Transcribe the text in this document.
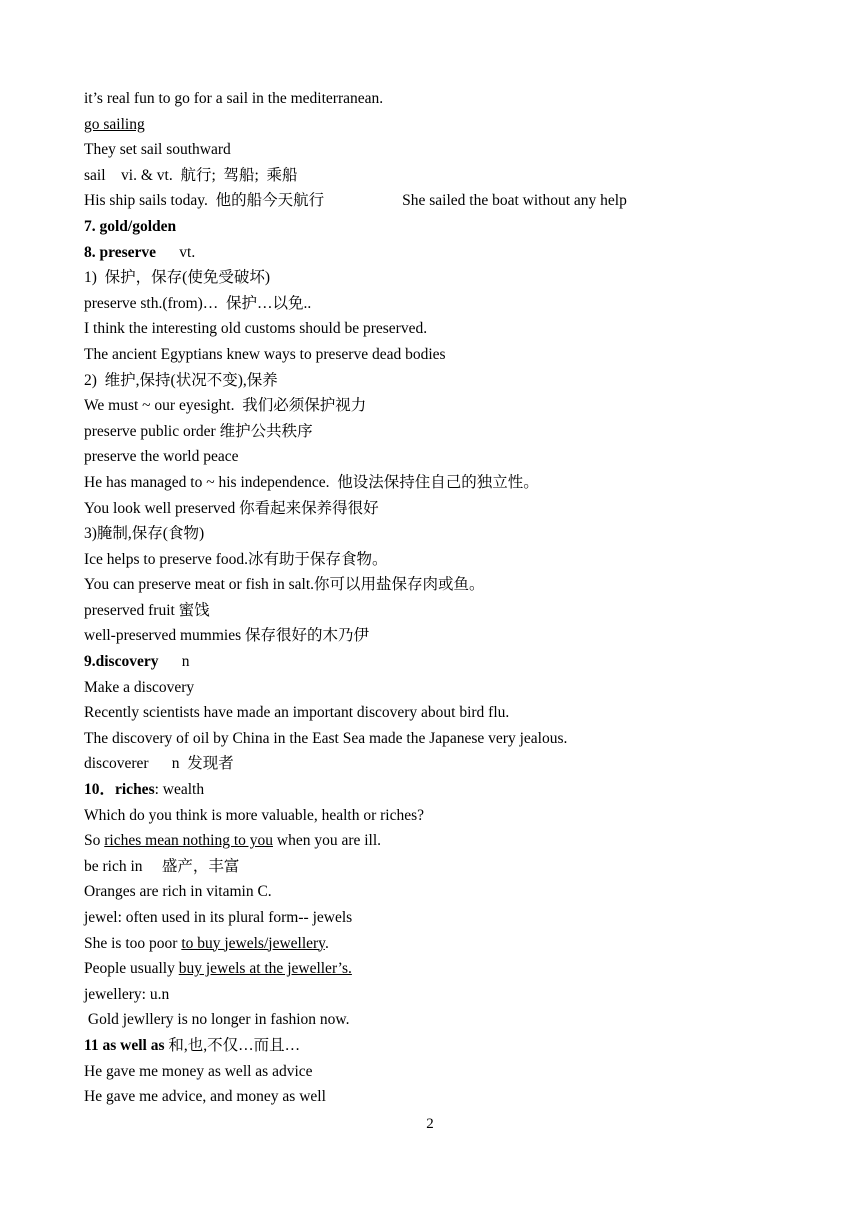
it’s real fun to go for a sail in the mediterranean.
go sailing
They set sail southward
sail    vi. & vt.  航行;  驾船;  乘船
His ship sails today.  他的船今天航行	She sailed the boat without any help
7. gold/golden
8. preserve      vt.
1)  保护，保存(使免受破坏)
preserve sth.(from)…  保护…以免..
I think the interesting old customs should be preserved.
The ancient Egyptians knew ways to preserve dead bodies
2)  维护,保持(状况不变),保养
We must ~ our eyesight.  我们必须保护视力
preserve public order 维护公共秩序
preserve the world peace
He has managed to ~ his independence.  他设法保持住自己的独立性。
You look well preserved 你看起来保养得很好
3)腌制,保存(食物)
Ice helps to preserve food.冰有助于保存食物。
You can preserve meat or fish in salt.你可以用盐保存肉或鱼。
preserved fruit 蜜饯
well-preserved mummies 保存很好的木乃伊
9.discovery      n
Make a discovery
Recently scientists have made an important discovery about bird flu.
The discovery of oil by China in the East Sea made the Japanese very jealous.
discoverer      n  发现者
10．riches: wealth
Which do you think is more valuable, health or riches?
So riches mean nothing to you when you are ill.
be rich in     盛产，丰富
Oranges are rich in vitamin C.
jewel: often used in its plural form-- jewels
She is too poor to buy jewels/jewellery.
People usually buy jewels at the jeweller’s.
jewellery: u.n
Gold jewllery is no longer in fashion now.
11 as well as 和,也,不仅…而且…
He gave me money as well as advice
He gave me advice, and money as well
2
